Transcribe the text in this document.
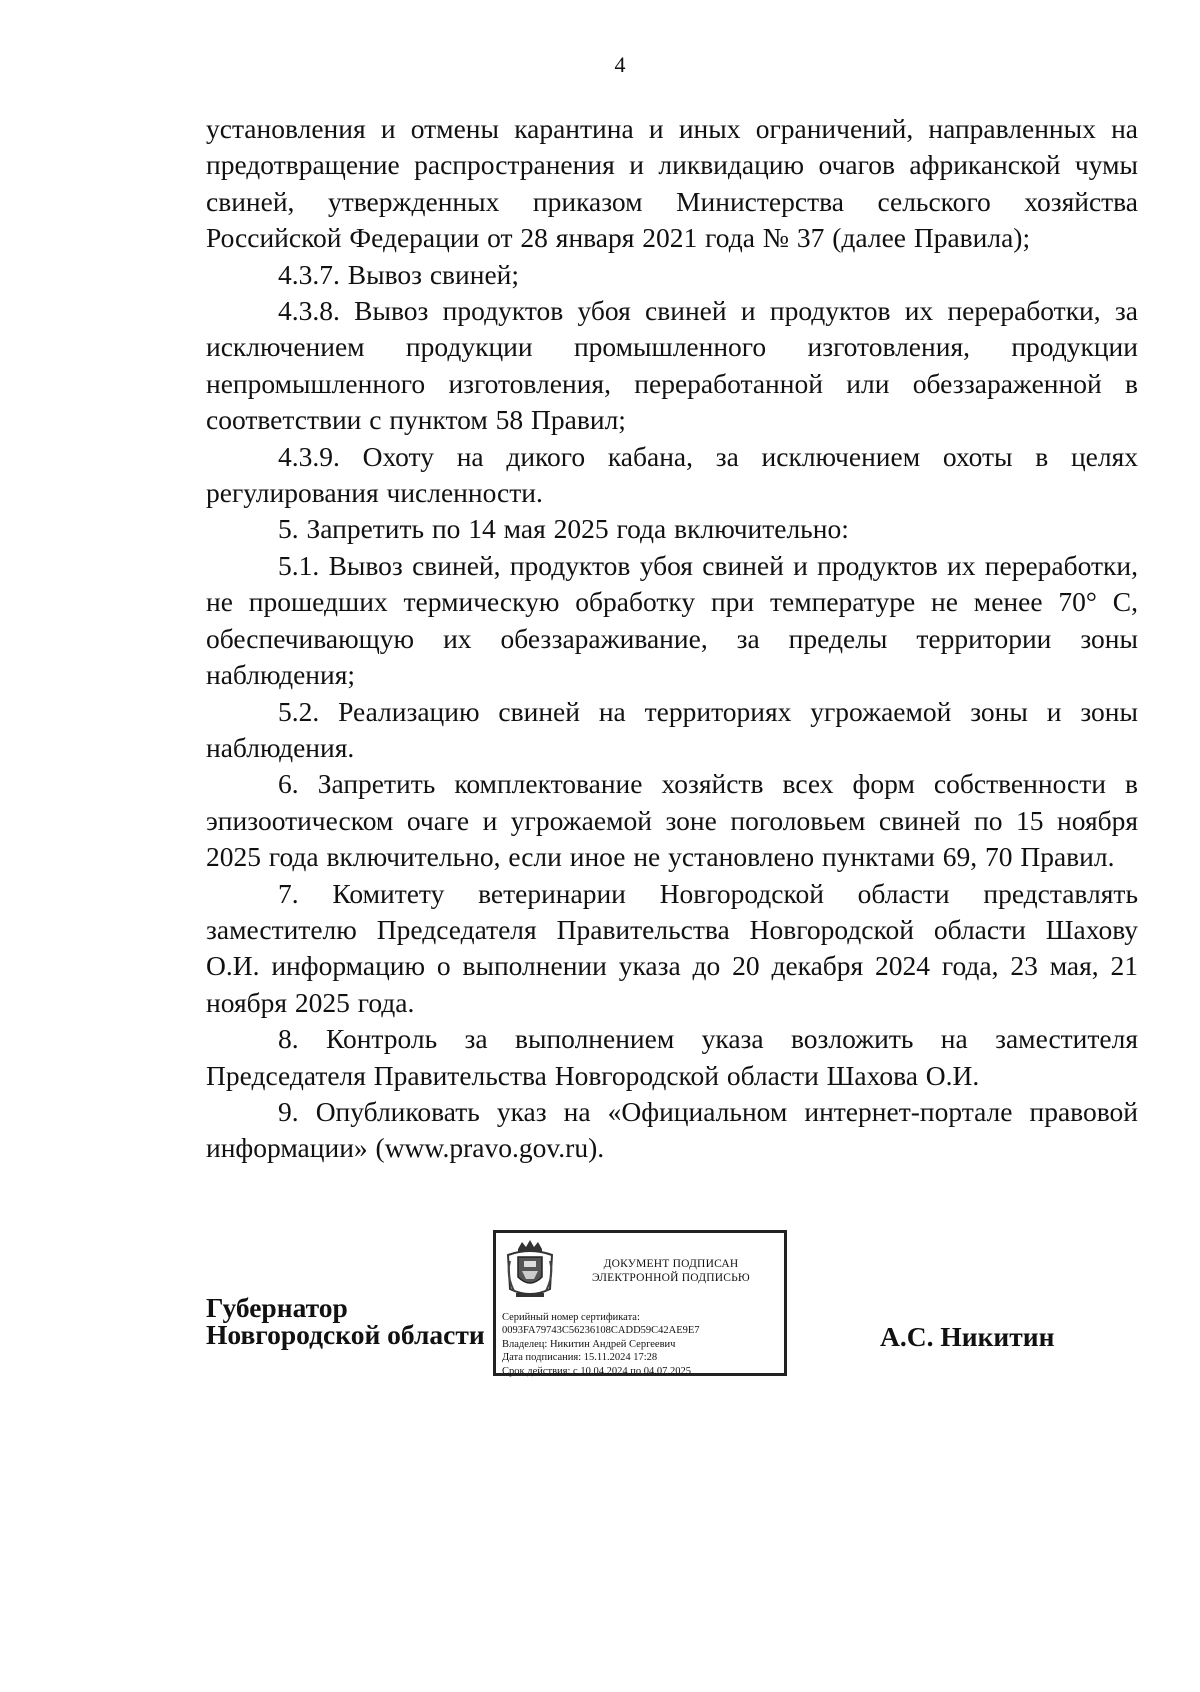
4

установления и отмены карантина и иных ограничений, направленных на предотвращение распространения и ликвидацию очагов африканской чумы свиней, утвержденных приказом Министерства сельского хозяйства Российской Федерации от 28 января 2021 года № 37 (далее Правила);

4.3.7. Вывоз свиней;

4.3.8. Вывоз продуктов убоя свиней и продуктов их переработки, за исключением продукции промышленного изготовления, продукции непромышленного изготовления, переработанной или обеззараженной в соответствии с пунктом 58 Правил;

4.3.9. Охоту на дикого кабана, за исключением охоты в целях регулирования численности.

5. Запретить по 14 мая 2025 года включительно:

5.1. Вывоз свиней, продуктов убоя свиней и продуктов их переработки, не прошедших термическую обработку при температуре не менее 70° С, обеспечивающую их обеззараживание, за пределы территории зоны наблюдения;

5.2. Реализацию свиней на территориях угрожаемой зоны и зоны наблюдения.

6. Запретить комплектование хозяйств всех форм собственности в эпизоотическом очаге и угрожаемой зоне поголовьем свиней по 15 ноября 2025 года включительно, если иное не установлено пунктами 69, 70 Правил.

7. Комитету ветеринарии Новгородской области представлять заместителю Председателя Правительства Новгородской области Шахову О.И. информацию о выполнении указа до 20 декабря 2024 года, 23 мая, 21 ноября 2025 года.

8. Контроль за выполнением указа возложить на заместителя Председателя Правительства Новгородской области Шахова О.И.

9. Опубликовать указ на «Официальном интернет-портале правовой информации» (www.pravo.gov.ru).

Губернатор
Новгородской области
ДОКУМЕНТ ПОДПИСАН
ЭЛЕКТРОННОЙ ПОДПИСЬЮ
Серийный номер сертификата:
0093FA79743C56236108CADD59C42AE9E7
Владелец: Никитин Андрей Сергеевич
Дата подписания: 15.11.2024 17:28
Срок действия: с 10.04.2024 по 04.07.2025
А.С. Никитин
